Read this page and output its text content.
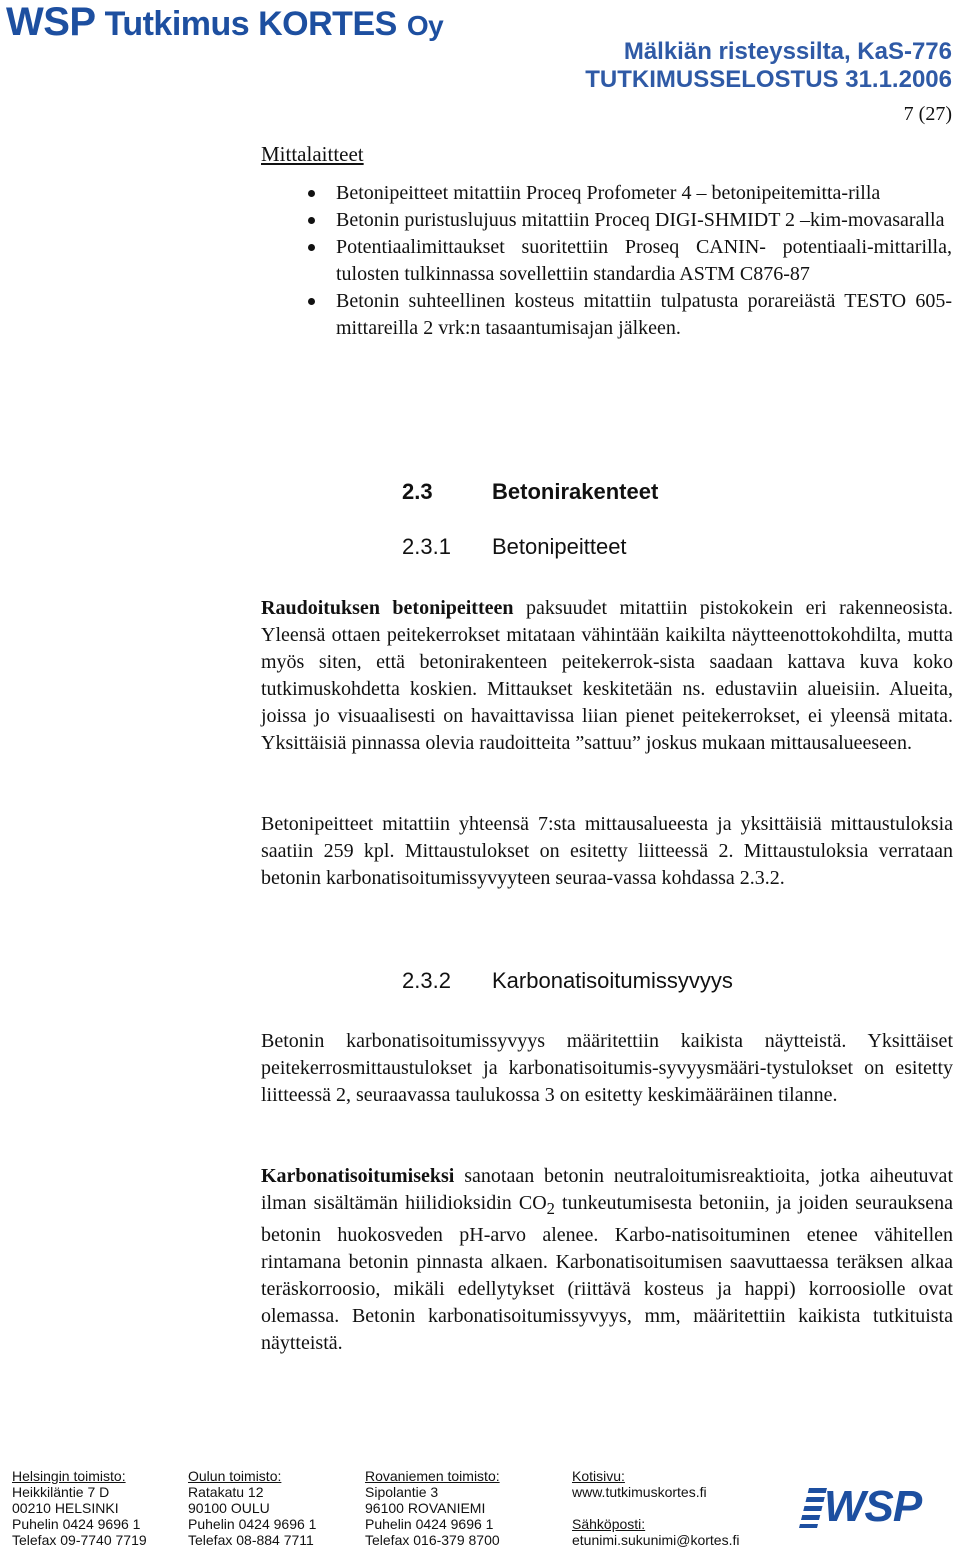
WSP Tutkimus KORTES Oy
Mälkiän risteyssilta, KaS-776
TUTKIMUSSELOSTUS 31.1.2006
7 (27)
Mittalaitteet
Betonipeitteet mitattiin Proceq Profometer 4 – betonipeitemitta-rilla
Betonin puristuslujuus mitattiin Proceq DIGI-SHMIDT 2 –kim-movasaralla
Potentiaalimittaukset suoritettiin Proseq CANIN- potentiaali-mittarilla, tulosten tulkinnassa sovellettiin standardia ASTM C876-87
Betonin suhteellinen kosteus mitattiin tulpatusta porareiästä TESTO 605- mittareilla 2 vrk:n tasaantumisajan jälkeen.
2.3	Betonirakenteet
2.3.1 Betonipeitteet

Raudoituksen betonipeitteen paksuudet mitattiin pistokokein eri rakenneosista. Yleensä ottaen peitekerrokset mitataan vähintään kaikilta näytteenottokohdilta, mutta myös siten, että betonirakenteen peitekerrok-sista saadaan kattava kuva koko tutkimuskohdetta koskien. Mittaukset keskitetään ns. edustaviin alueisiin. Alueita, joissa jo visuaalisesti on havaittavissa liian pienet peitekerrokset, ei yleensä mitata. Yksittäisiä pinnassa olevia raudoitteita ”sattuu” joskus mukaan mittausalueeseen.

Betonipeitteet mitattiin yhteensä 7:sta mittausalueesta ja yksittäisiä mittaustuloksia saatiin 259 kpl. Mittaustulokset on esitetty liitteessä 2. Mittaustuloksia verrataan betonin karbonatisoitumissyvyyteen seuraa-vassa kohdassa 2.3.2.

2.3.2 Karbonatisoitumissyvyys

Betonin karbonatisoitumissyvyys määritettiin kaikista näytteistä. Yksittäiset peitekerrosmittaustulokset ja karbonatisoitumis-syvyysmääri-tystulokset on esitetty liitteessä 2, seuraavassa taulukossa 3 on esitetty keskimääräinen tilanne.

Karbonatisoitumiseksi sanotaan betonin neutraloitumisreaktioita, jotka aiheutuvat ilman sisältämän hiilidioksidin $CO_2$ tunkeutumisesta betoniin, ja joiden seurauksena betonin huokosveden pH-arvo alenee. Karbo-natisoituminen etenee vähitellen rintamana betonin pinnasta alkaen. Karbonatisoitumisen saavuttaessa teräksen alkaa teräskorroosio, mikäli edellytykset (riittävä kosteus ja happi) korroosiolle ovat olemassa. Betonin karbonatisoitumissyvyys, mm, määritettiin kaikista tutkituista näytteistä.

Helsingin toimisto:
Heikkiläntie 7 D
00210 HELSINKI
Puhelin 0424 9696 1
Telefax 09-7740 7719
Oulun toimisto:
Ratakatu 12
90100 OULU
Puhelin 0424 9696 1
Telefax 08-884 7711
Rovaniemen toimisto:
Sipolantie 3
96100 ROVANIEMI
Puhelin 0424 9696 1
Telefax 016-379 8700
Kotisivu:
www.tutkimuskortes.fi

Sähköposti:
etunimi.sukunimi@kortes.fi
WSP
